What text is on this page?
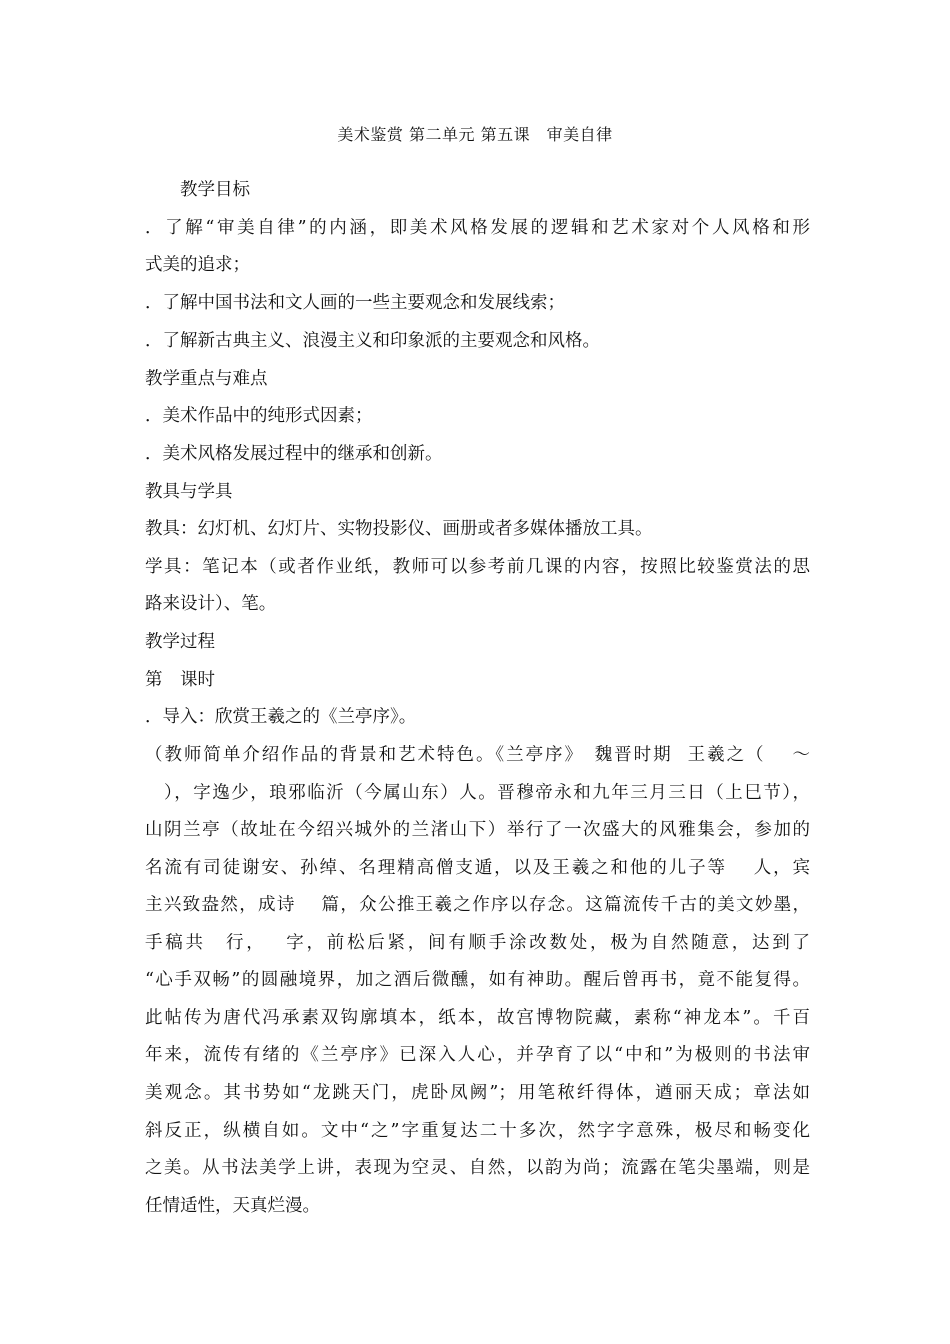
美术鉴赏 第二单元 第五课　审美自律
　　教学目标
．了解“审美自律”的内涵，即美术风格发展的逻辑和艺术家对个人风格和形
式美的追求；
．了解中国书法和文人画的一些主要观念和发展线索；
．了解新古典主义、浪漫主义和印象派的主要观念和风格。
教学重点与难点
．美术作品中的纯形式因素；
．美术风格发展过程中的继承和创新。
教具与学具
教具：幻灯机、幻灯片、实物投影仪、画册或者多媒体播放工具。
学具：笔记本（或者作业纸，教师可以参考前几课的内容，按照比较鉴赏法的思
路来设计）、笔。
教学过程
第　课时
．导入：欣赏王羲之的《兰亭序》。
（教师简单介绍作品的背景和艺术特色。《兰亭序》　魏晋时期  王羲之（　 ～
　），字逸少，琅邪临沂（今属山东）人。晋穆帝永和九年三月三日（上巳节），
山阴兰亭（故址在今绍兴城外的兰渚山下）举行了一次盛大的风雅集会，参加的
名流有司徒谢安、孙绰、名理精高僧支遁，以及王羲之和他的儿子等　 人，宾
主兴致盎然，成诗　 篇，众公推王羲之作序以存念。这篇流传千古的美文妙墨，
手稿共　行，　 字，前松后紧，间有顺手涂改数处，极为自然随意，达到了
“心手双畅”的圆融境界，加之酒后微醺，如有神助。醒后曾再书，竟不能复得。
此帖传为唐代冯承素双钩廓填本，纸本，故宫博物院藏，素称“神龙本”。千百
年来，流传有绪的《兰亭序》已深入人心，并孕育了以“中和”为极则的书法审
美观念。其书势如“龙跳天门，虎卧凤阙”；用笔秾纤得体，遒丽天成；章法如
斜反正，纵横自如。文中“之”字重复达二十多次，然字字意殊，极尽和畅变化
之美。从书法美学上讲，表现为空灵、自然，以韵为尚；流露在笔尖墨端，则是
任情适性，天真烂漫。
